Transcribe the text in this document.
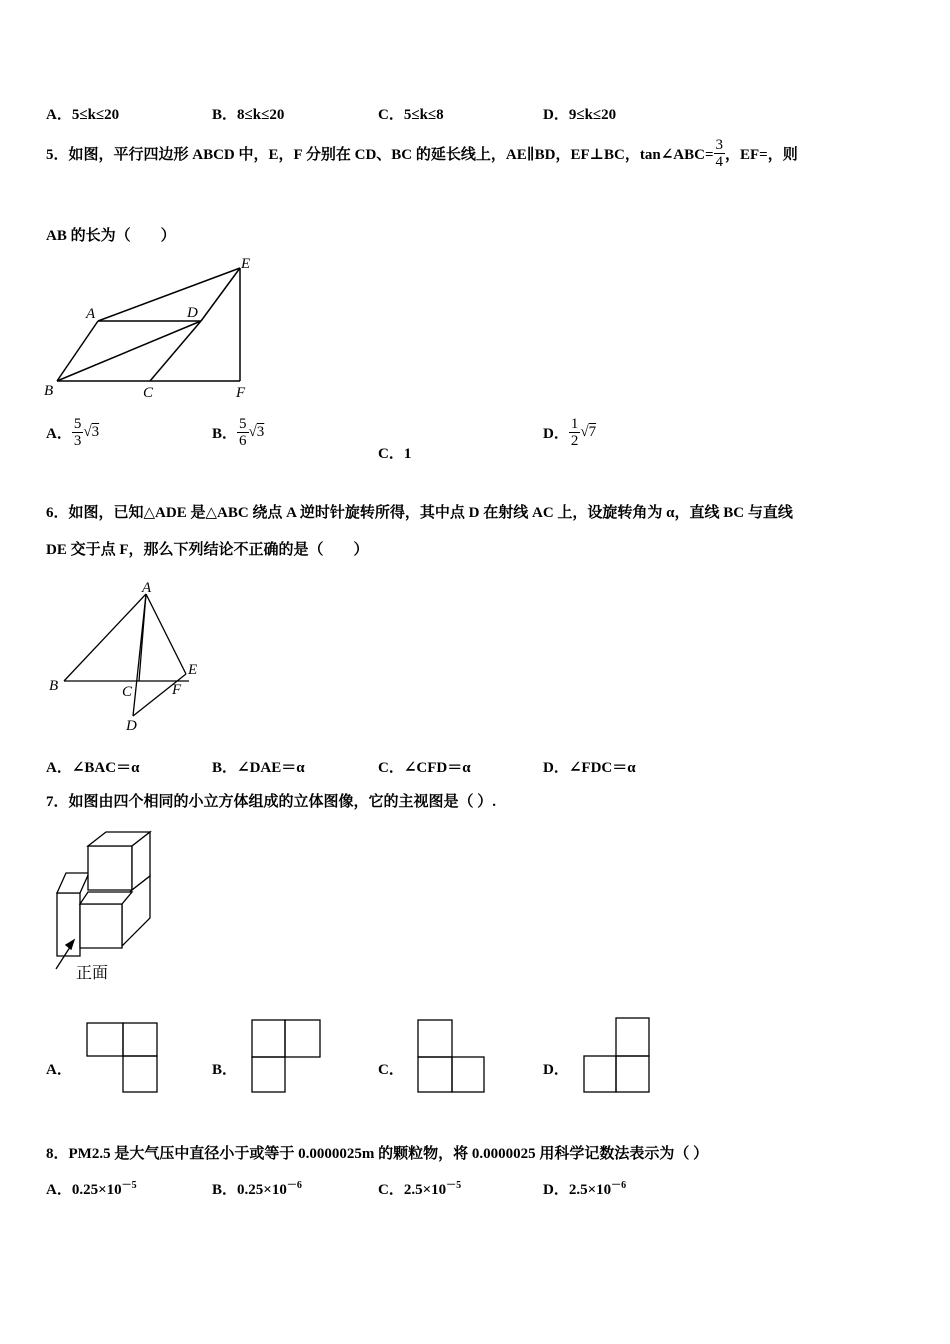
A．5≤k≤20	B．8≤k≤20	C．5≤k≤8	D．9≤k≤20
5．如图，平行四边形 ABCD 中，E，F 分别在 CD、BC 的延长线上，AE∥BD，EF⊥BC，tan∠ABC= $\frac{3}{4}$ ，EF=，则
AB 的长为（　　）
A
B	C
D
E
F
A． $\frac{5}{3} √3$	B． $\frac{5}{6} √3$
C．1
D． $\frac{1}{2} √7$
6．如图，已知△ADE 是△ABC 绕点 A 逆时针旋转所得，其中点 D 在射线 AC 上，设旋转角为 α，直线 BC 与直线
DE 交于点 F，那么下列结论不正确的是（　　）
A
B	C
D
E
F
A．∠BAC＝α	B．∠DAE＝α	C．∠CFD＝α	D．∠FDC＝α
7．如图由四个相同的小立方体组成的立体图像，它的主视图是（ ）.
正面
A．	B．	C．	D．
8．PM2.5 是大气压中直径小于或等于 0.0000025m 的颗粒物，将 0.0000025 用科学记数法表示为（ ）
A．$0.25\times 10^{-5}$	B．$0.25\times 10^{-6}$	C．$2.5\times 10^{-5}$	D．$2.5\times 10^{-6}$
